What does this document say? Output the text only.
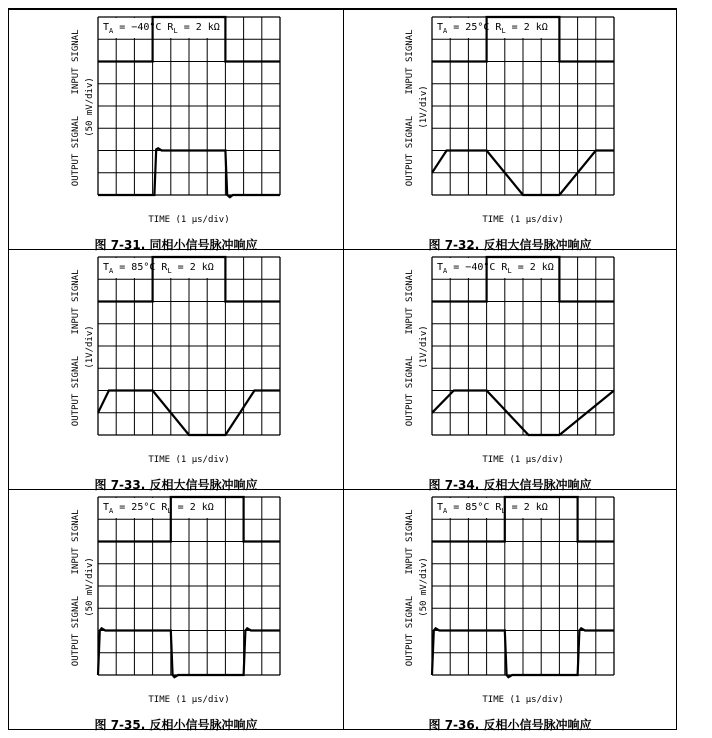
$T_A = -40^\circ C$ $R_L = 2$ kΩ
OUTPUT SIGNAL
INPUT SIGNAL
(50 mV/div)
TIME (1 μs/div)
图 7-31. 同相小信号脉冲响应
$T_A = 25^\circ C$ $R_L = 2$ kΩ
OUTPUT SIGNAL
INPUT SIGNAL
(1V/div)
TIME (1 μs/div)
图 7-32. 反相大信号脉冲响应
$T_A = 85^\circ C$ $R_L = 2$ kΩ
OUTPUT SIGNAL
INPUT SIGNAL
(1V/div)
TIME (1 μs/div)
图 7-33. 反相大信号脉冲响应
$T_A = -40^\circ C$ $R_L = 2$ kΩ
OUTPUT SIGNAL
INPUT SIGNAL
(1V/div)
TIME (1 μs/div)
图 7-34. 反相大信号脉冲响应
$T_A = 25^\circ C$ $R_L = 2$ kΩ
OUTPUT SIGNAL
INPUT SIGNAL
(50 mV/div)
TIME (1 μs/div)
图 7-35. 反相小信号脉冲响应
$T_A = 85^\circ C$ $R_L = 2$ kΩ
OUTPUT SIGNAL
INPUT SIGNAL
(50 mV/div)
TIME (1 μs/div)
图 7-36. 反相小信号脉冲响应
